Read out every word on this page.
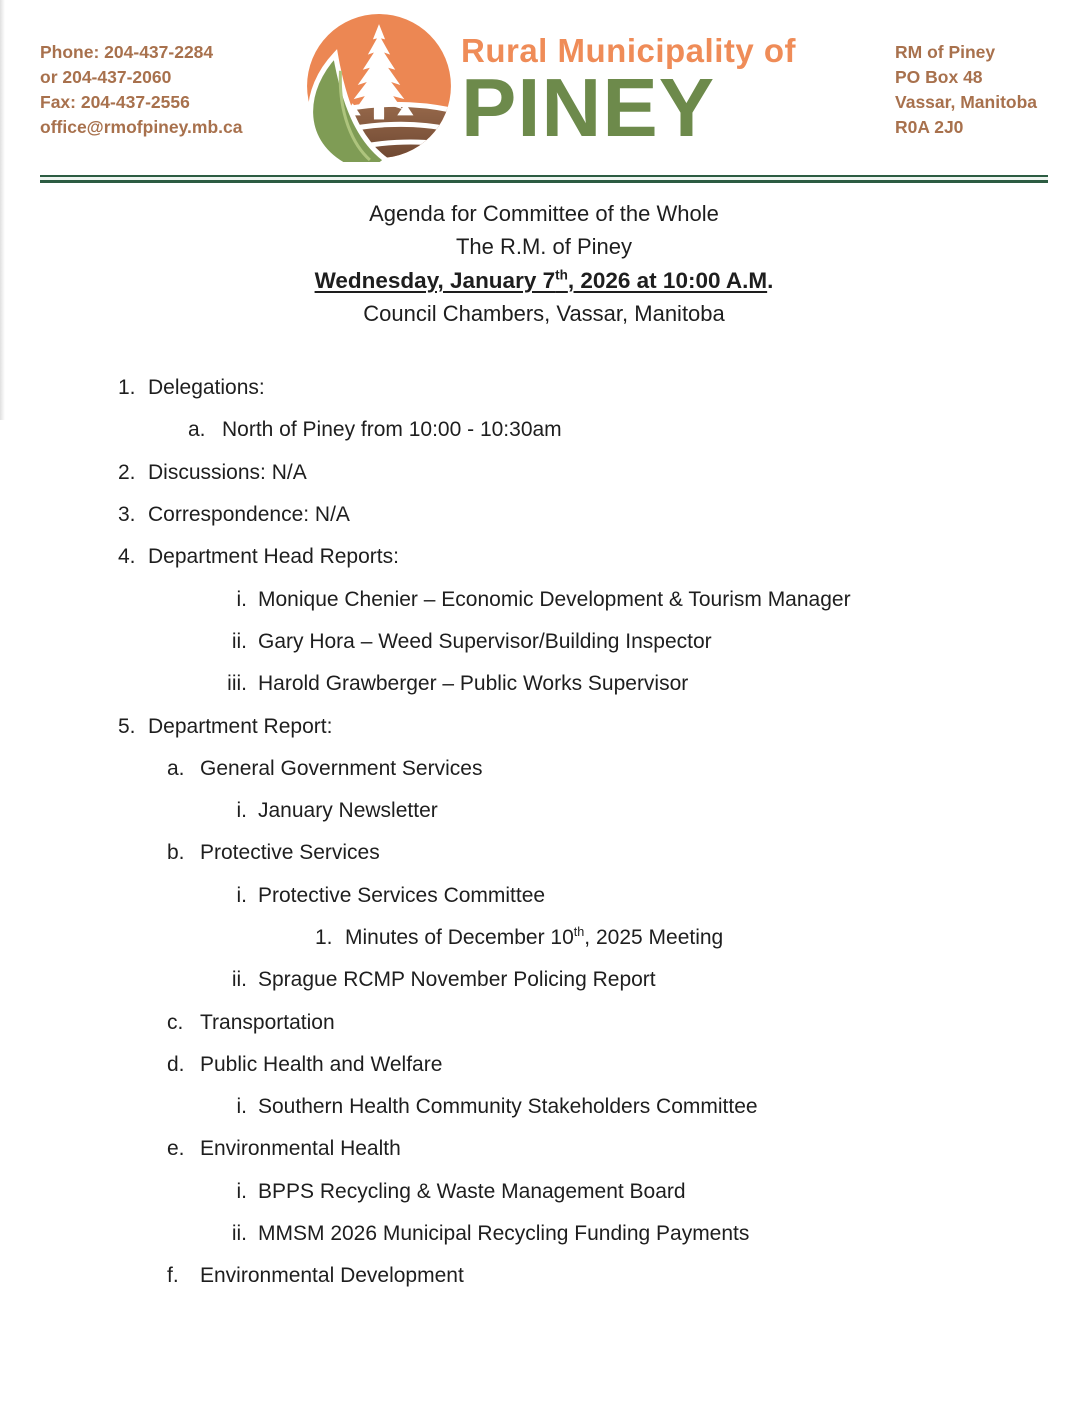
Phone: 204-437-2284
or 204-437-2060
Fax: 204-437-2556
office@rmofpiney.mb.ca
Rural Municipality of
PINEY
RM of Piney
PO Box 48
Vassar, Manitoba
R0A 2J0
Agenda for Committee of the Whole
The R.M. of Piney
Wednesday, January 7th, 2026 at 10:00 A.M.
Council Chambers, Vassar, Manitoba
1. Delegations:
a. North of Piney from 10:00 - 10:30am
2. Discussions: N/A
3. Correspondence: N/A
4. Department Head Reports:
i. Monique Chenier – Economic Development & Tourism Manager
ii. Gary Hora – Weed Supervisor/Building Inspector
iii. Harold Grawberger – Public Works Supervisor
5. Department Report:
a. General Government Services
i. January Newsletter
b. Protective Services
i. Protective Services Committee
1. Minutes of December 10th, 2025 Meeting
ii. Sprague RCMP November Policing Report
c. Transportation
d. Public Health and Welfare
i. Southern Health Community Stakeholders Committee
e. Environmental Health
i. BPPS Recycling & Waste Management Board
ii. MMSM 2026 Municipal Recycling Funding Payments
f.	Environmental Development
